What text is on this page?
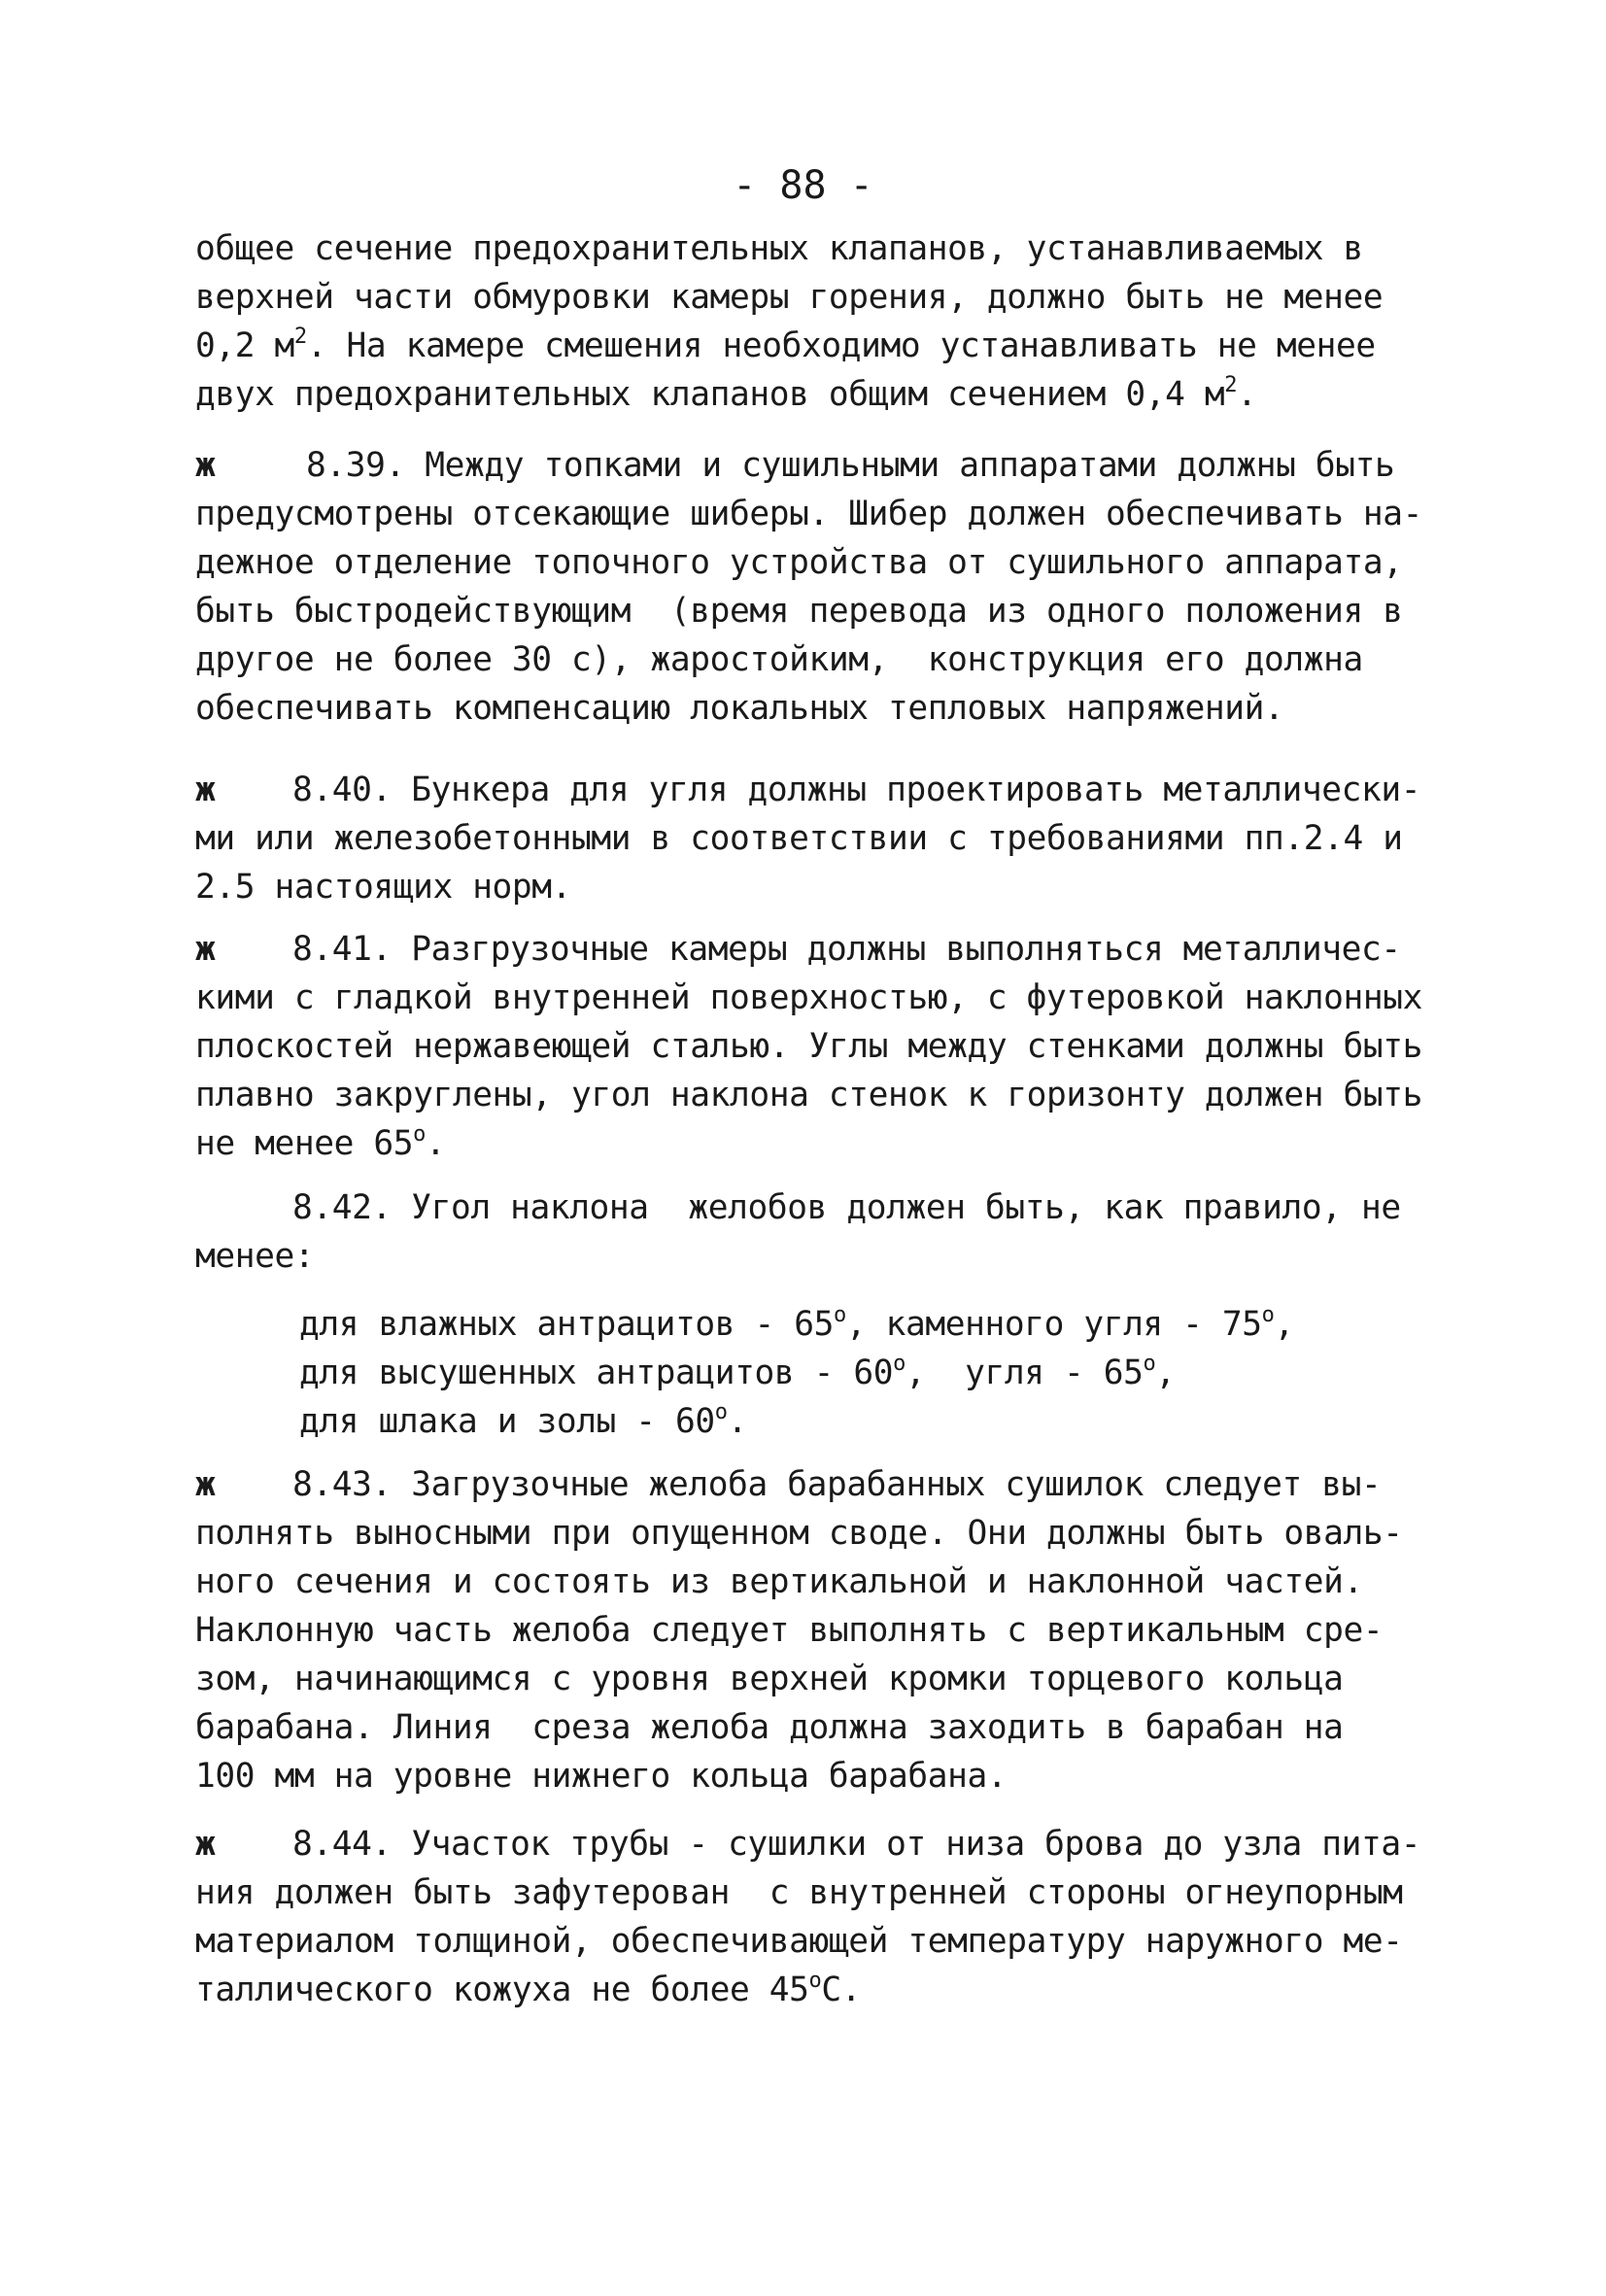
- 88 -
общее сечение предохранительных клапанов, устанавливаемых в
верхней части обмуровки камеры горения, должно быть не менее
0,2 $м^2$. На камере смешения необходимо устанавливать не менее
двух предохранительных клапанов общим сечением 0,4 $м^2$.
ж	8.39. Между топками и сушильными аппаратами должны быть
предусмотрены отсекающие шиберы. Шибер должен обеспечивать на-
дежное отделение топочного устройства от сушильного аппарата,
быть быстродействующим  (время перевода из одного положения в
другое не более 30 с), жаростойким,  конструкция его должна
обеспечивать компенсацию локальных тепловых напряжений.
ж 8.40. Бункера для угля должны проектировать металлически-
ми или железобетонными в соответствии с требованиями пп.2.4 и
2.5 настоящих норм.
ж 8.41. Разгрузочные камеры должны выполняться металличес-
кими с гладкой внутренней поверхностью, с футеровкой наклонных
плоскостей нержавеющей сталью. Углы между стенками должны быть
плавно закруглены, угол наклона стенок к горизонту должен быть
не менее 65$^o$.
8.42. Угол наклона  желобов должен быть, как правило, не
менее:
для влажных антрацитов - 65$^o$, каменного угля - 75$^o$,
для высушенных антрацитов - 60$^o$,  угля - 65$^o$,
для шлака и золы - 60$^o$.
ж 8.43. Загрузочные желоба барабанных сушилок следует вы-
полнять выносными при опущенном своде. Они должны быть оваль-
ного сечения и состоять из вертикальной и наклонной частей.
Наклонную часть желоба следует выполнять с вертикальным сре-
зом, начинающимся с уровня верхней кромки торцевого кольца
барабана. Линия  среза желоба должна заходить в барабан на
100 мм на уровне нижнего кольца барабана.
ж 8.44. Участок трубы - сушилки от низа брова до узла пита-
ния должен быть зафутерован  с внутренней стороны огнеупорным
материалом толщиной, обеспечивающей температуру наружного ме-
таллического кожуха не более 45$^o$С.
